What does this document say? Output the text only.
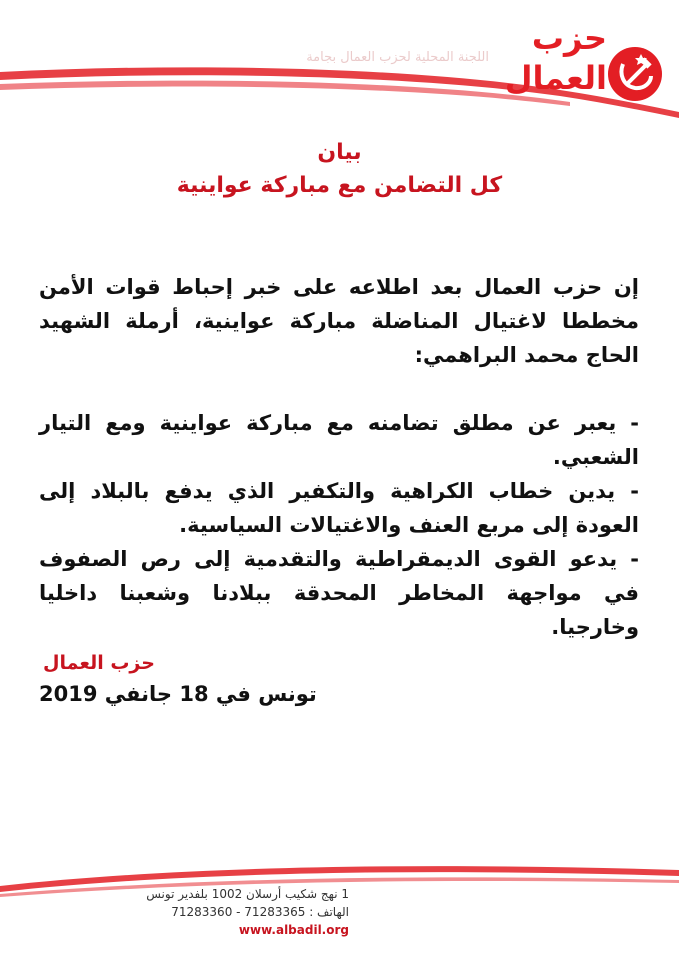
اللجنة المحلية لحزب العمال بجامة
حزب
العمال
بيان
كل التضامن مع مباركة عواينية

إن حزب العمال بعد اطلاعه على خبر إحباط قوات الأمن مخططا لاغتيال المناضلة مباركة عواينية، أرملة الشهيد الحاج محمد البراهمي:

- يعبر عن مطلق تضامنه مع مباركة عواينية ومع التيار الشعبي.

- يدين خطاب الكراهية والتكفير الذي يدفع بالبلاد إلى العودة إلى مربع العنف والاغتيالات السياسية.

- يدعو القوى الديمقراطية والتقدمية إلى رص الصفوف في مواجهة المخاطر المحدقة ببلادنا وشعبنا داخليا وخارجيا.

حزب العمال

تونس في 18 جانفي 2019

1 نهج شكيب أرسلان 1002 بلفدير تونس
الهاتف : 71283365 - 71283360
www.albadil.org
